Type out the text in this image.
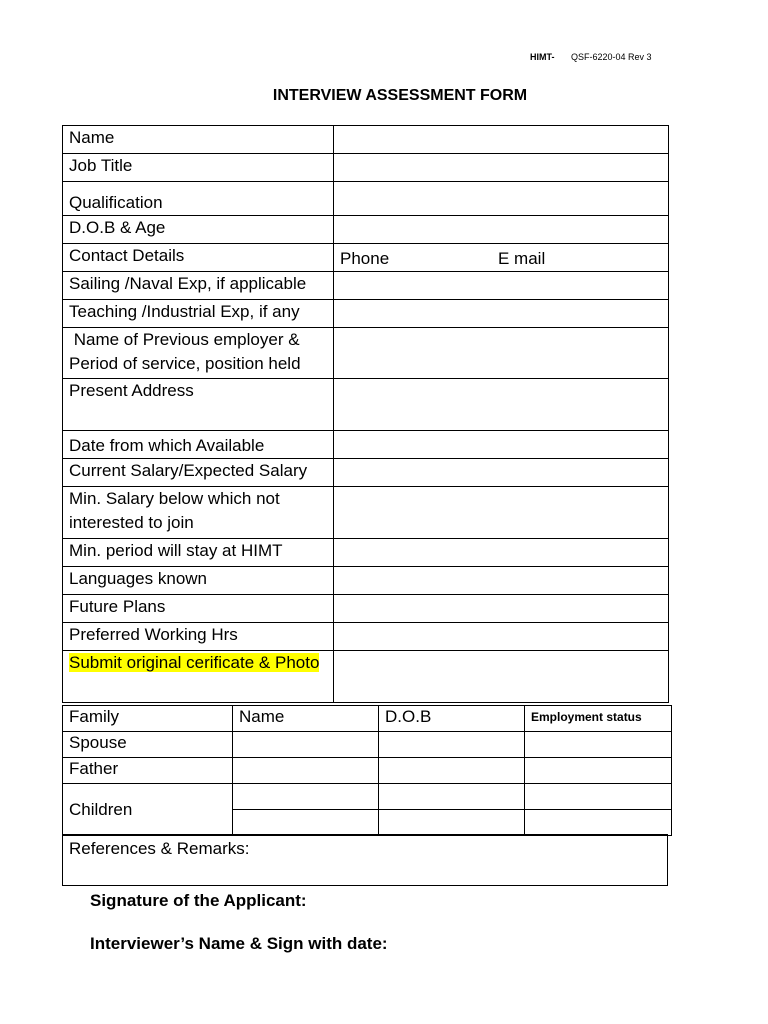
HIMT- QSF-6220-04 Rev 3
INTERVIEW ASSESSMENT FORM
Name	
Job Title	
Qualification	
D.O.B & Age	
Contact Details	Phone E mail
Sailing /Naval Exp, if applicable	
Teaching /Industrial Exp, if any	
Name of Previous employer & Period of service, position held	
Present Address	
Date from which Available	
Current Salary/Expected Salary	
Min. Salary below which not interested to join	
Min. period will stay at HIMT	
Languages known	
Future Plans	
Preferred Working Hrs	
Submit original cerificate & Photo	
Family	Name	D.O.B	Employment status
Spouse			
Father			
Children			

References & Remarks:
Signature of the Applicant:
Interviewer’s Name & Sign with date:
